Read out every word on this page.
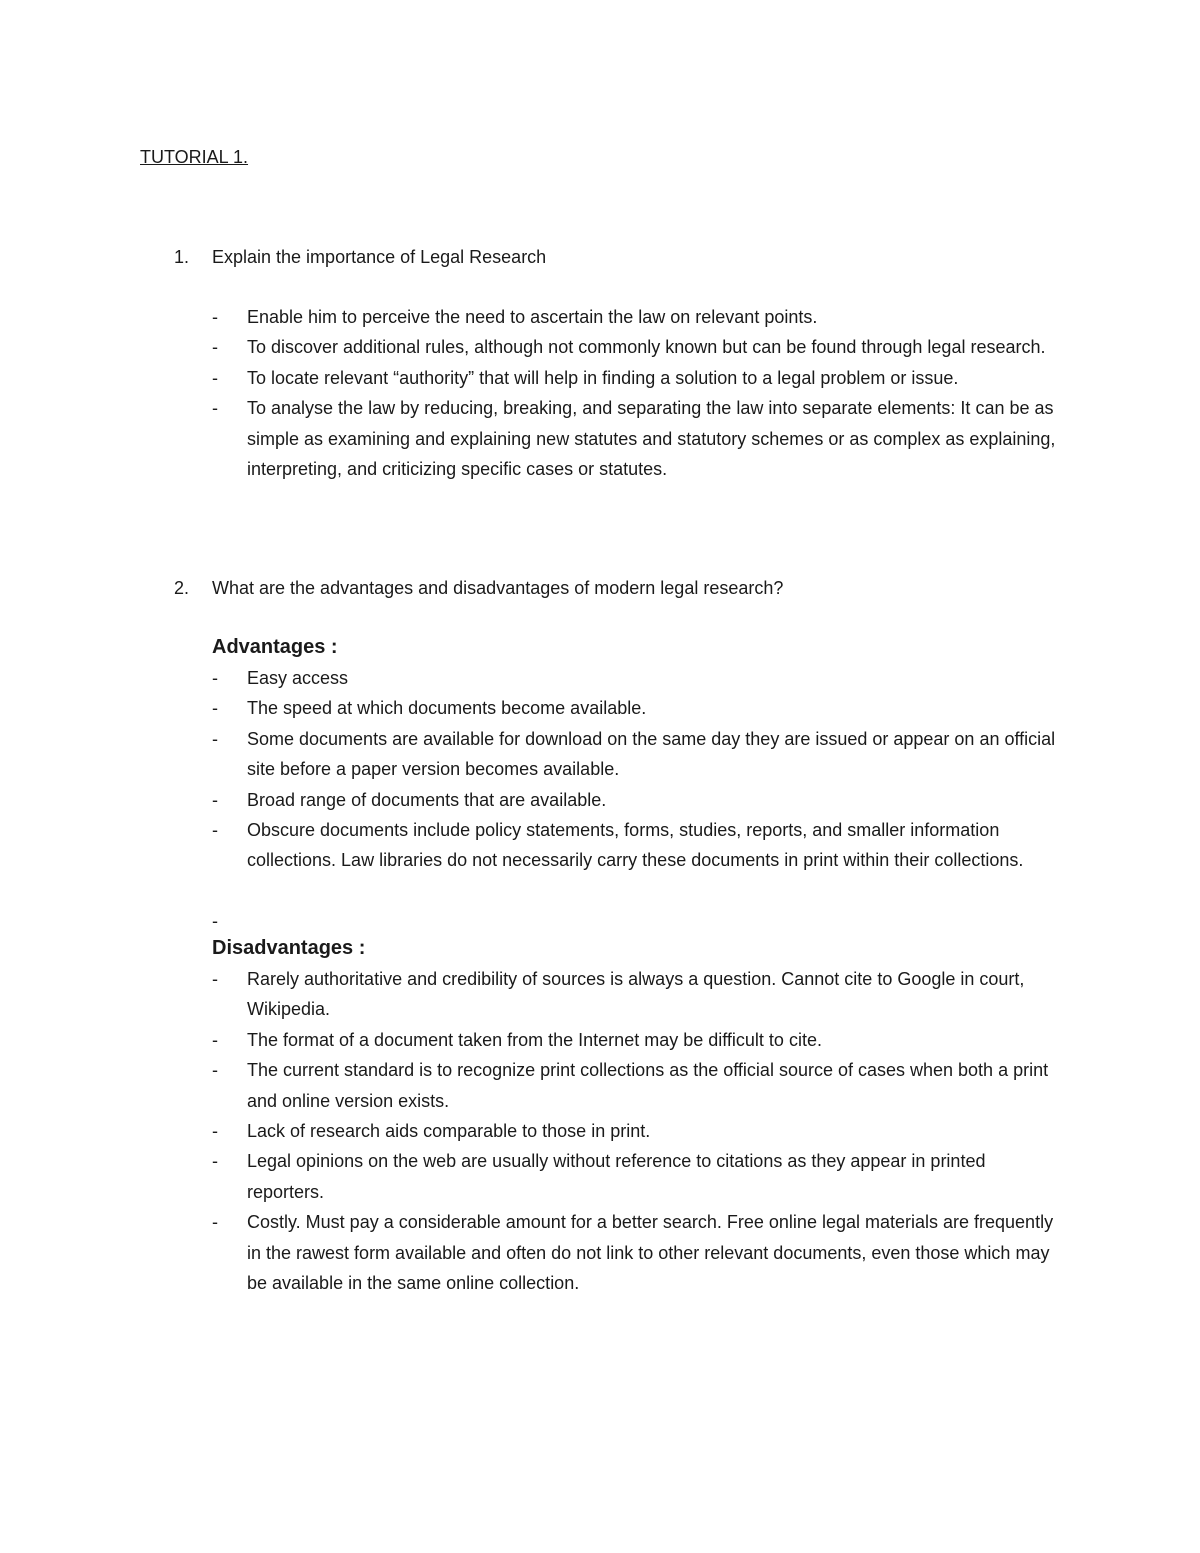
TUTORIAL 1.
1.	Explain the importance of Legal Research
- Enable him to perceive the need to ascertain the law on relevant points.
- To discover additional rules, although not commonly known but can be found through legal research.
- To locate relevant “authority” that will help in finding a solution to a legal problem or issue.
- To analyse the law by reducing, breaking, and separating the law into separate elements: It can be as simple as examining and explaining new statutes and statutory schemes or as complex as explaining, interpreting, and criticizing specific cases or statutes.
2.	What are the advantages and disadvantages of modern legal research?
Advantages :
- Easy access
- The speed at which documents become available.
- Some documents are available for download on the same day they are issued or appear on an official site before a paper version becomes available.
- Broad range of documents that are available.
- Obscure documents include policy statements, forms, studies, reports, and smaller information collections. Law libraries do not necessarily carry these documents in print within their collections.
-
Disadvantages :
- Rarely authoritative and credibility of sources is always a question. Cannot cite to Google in court, Wikipedia.
- The format of a document taken from the Internet may be difficult to cite.
- The current standard is to recognize print collections as the official source of cases when both a print and online version exists.
- Lack of research aids comparable to those in print.
- Legal opinions on the web are usually without reference to citations as they appear in printed reporters.
- Costly. Must pay a considerable amount for a better search. Free online legal materials are frequently in the rawest form available and often do not link to other relevant documents, even those which may be available in the same online collection.
